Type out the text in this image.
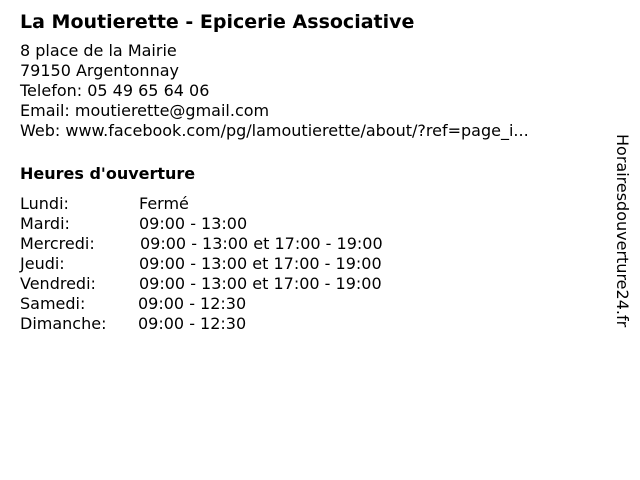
La Moutierette - Epicerie Associative
8 place de la Mairie
79150 Argentonnay
Telefon: 05 49 65 64 06
Email: moutierette@gmail.com
Web: www.facebook.com/pg/lamoutierette/about/?ref=page_i...
Heures d'ouverture
Lundi:	Fermé
Mardi:	09:00 - 13:00
Mercredi:	09:00 - 13:00 et 17:00 - 19:00
Jeudi:	09:00 - 13:00 et 17:00 - 19:00
Vendredi:	09:00 - 13:00 et 17:00 - 19:00
Samedi:	09:00 - 12:30
Dimanche: 09:00 - 12:30	Horairesdouverture24.fr
